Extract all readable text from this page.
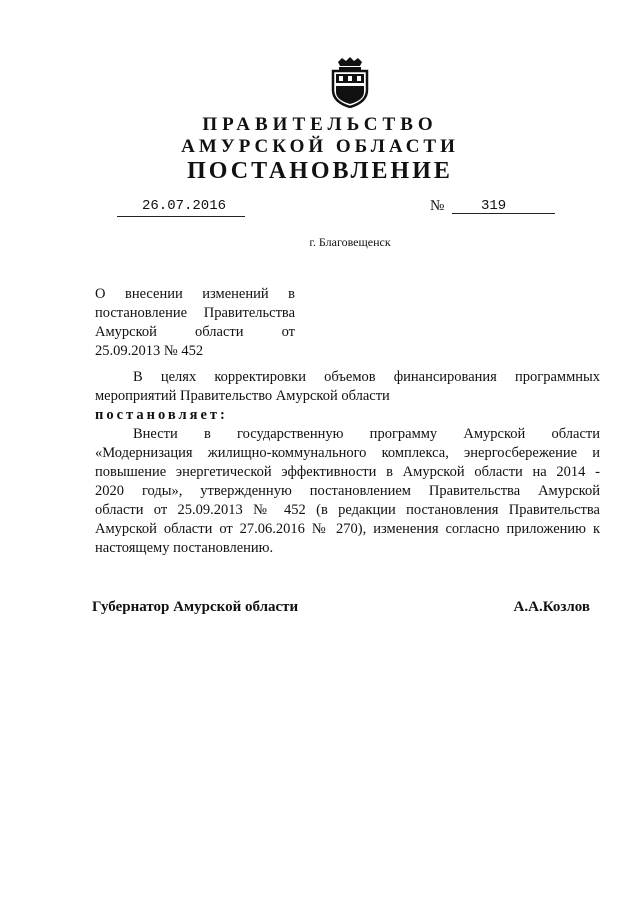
ПРАВИТЕЛЬСТВО
АМУРСКОЙ ОБЛАСТИ
ПОСТАНОВЛЕНИЕ
26.07.2016	№	319
г. Благовещенск
О внесении изменений в
постановление Правительства
Амурской области от
25.09.2013 № 452

В целях корректировки объемов финансирования программных

мероприятий Правительство Амурской области

постановляет:

Внести в государственную программу Амурской области

«Модернизация жилищно-коммунального комплекса, энергосбережение и

повышение энергетической эффективности в Амурской области на 2014 -

2020 годы», утвержденную постановлением Правительства Амурской

области от 25.09.2013 № 452 (в редакции постановления Правительства

Амурской области от 27.06.2016 № 270), изменения согласно приложению к

настоящему постановлению.

Губернатор Амурской области	А.А.Козлов
